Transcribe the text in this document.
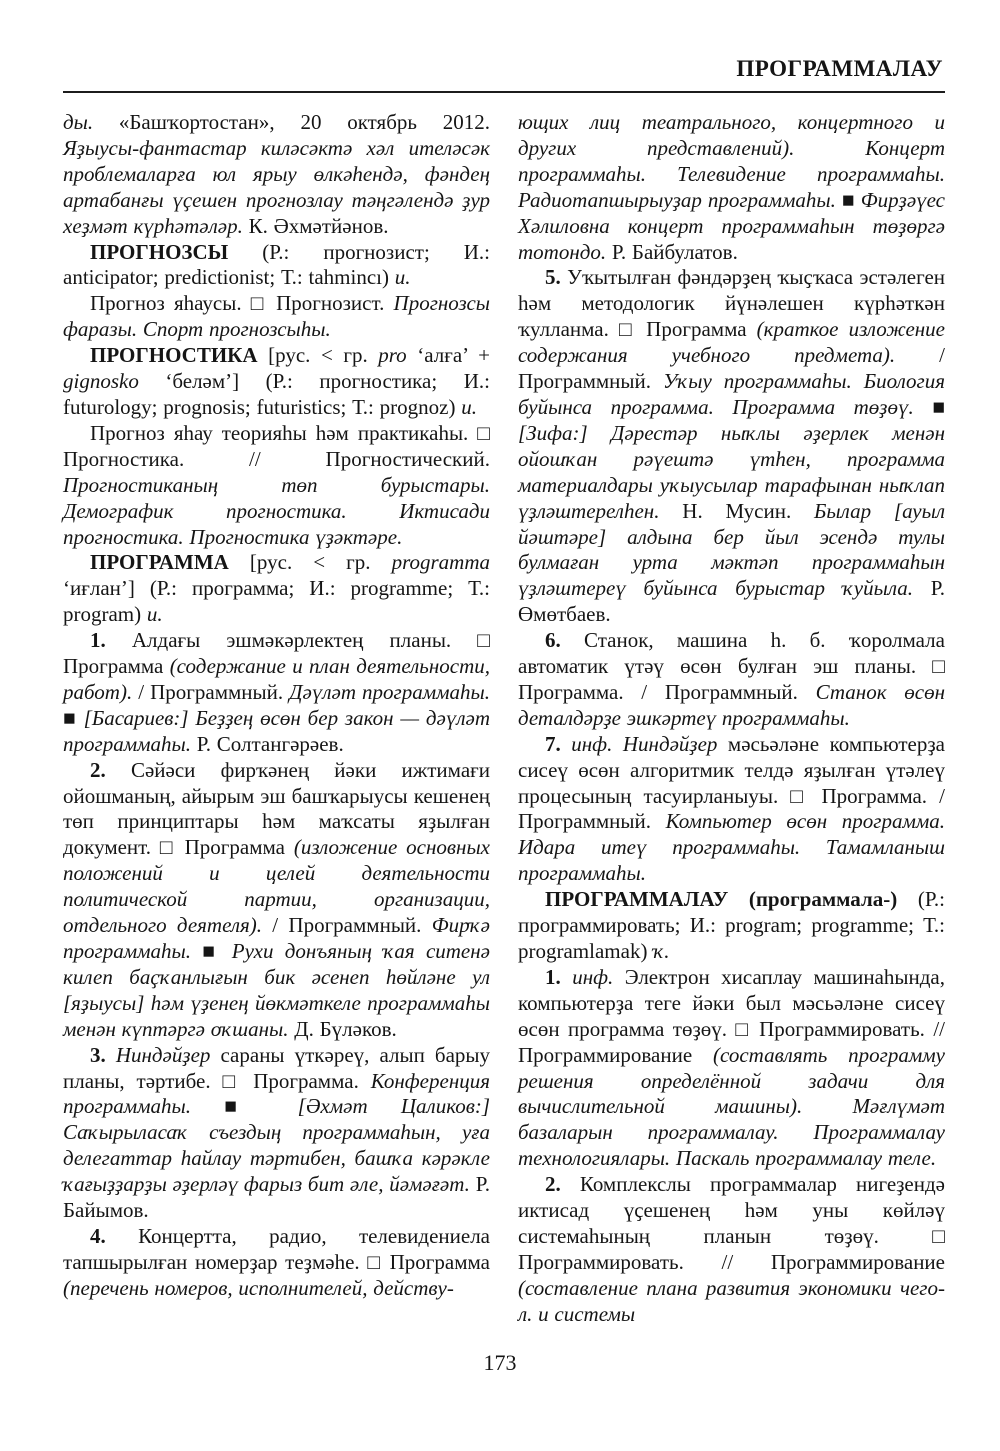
ПРОГРАММАЛАУ

ды. «Башҡортостан», 20 октябрь 2012. Яҙыусы-фантастар киләсәктә хәл ителәсәк проблемаларға юл ярыу өлкәһендә, фәндең артабанғы үҫешен прогнозлау тәңгәлендә ҙур хеҙмәт күрһәтәләр. К. Әхмәтйәнов.

ПРОГНОЗСЫ (Р.: прогнозист; И.: anticipator; predictionist; Т.: tahmincı) и.

Прогноз яһаусы. □ Прогнозист. Прогнозсы фаразы. Спорт прогнозсыһы.

ПРОГНОСТИКА [рус. < гр. pro ‘алға’ + gignosko ‘беләм’] (Р.: прогностика; И.: futurology; prognosis; futuristics; Т.: prognoz) и.

Прогноз яһау теорияһы һәм практикаһы. □ Прогностика. // Прогностический. Прогностиканың төп бурыстары. Демографик прогностика. Иктисади прогностика. Прогностика үҙәктәре.

ПРОГРАММА [рус. < гр. programma ‘иғлан’] (Р.: программа; И.: programme; Т.: program) и.

1. Алдағы эшмәкәрлектең планы. □ Программа (содержание и план деятельности, работ). / Программный. Дәүләт программаһы. ■ [Басариев:] Беҙҙең өсөн бер закон — дәүләт программаһы. Р. Солтангәрәев.

2. Сәйәси фирҡәнең йәки ижтимағи ойошманың, айырым эш башҡарыусы кешенең төп принциптары һәм маҡсаты яҙылған документ. □ Программа (изложение основных положений и целей деятельности политической партии, организации, отдельного деятеля). / Программный. Фирҡә программаһы. ■ Рухи донъяның ҡая ситенә килеп баҫҡанлығын бик әсенеп һөйләне ул [яҙыусы] һәм үҙенең йөкмәткеле программаһы менән күптәргә оҡшаны. Д. Бүләков.

3. Ниндәйҙер сараны үткәреү, алып барыу планы, тәртибе. □ Программа. Конференция программаһы. ■ [Әхмәт Цаликов:] Саҡырыласаҡ съездың программаһын, уға делегаттар һайлау тәртибен, башҡа кәрәкле ҡағыҙҙарҙы әҙерләү фарыз бит әле, йәмәғәт. Р. Байымов.

4. Концертта, радио, телевидениела тапшырылған номерҙар теҙмәһе. □ Программа (перечень номеров, исполнителей, действу-

ющих лиц театрального, концертного и других представлений). Концерт программаһы. Телевидение программаһы. Радиотапшырыуҙар программаһы. ■ Фирҙәүес Хәлиловна концерт программаһын төҙөргә тотондо. Р. Байбулатов.

5. Уҡытылған фәндәрҙең ҡыҫҡаса эстәлеген һәм методологик йүнәлешен күрһәткән ҡулланма. □ Программа (краткое изложение содержания учебного предмета). / Программный. Уҡыу программаһы. Биология буйынса программа. Программа төҙөү. ■ [Зифа:] Дәрестәр ныҡлы әҙерлек менән ойошҡан рәүештә үтһен, программа материалдары уҡыусылар тарафынан ныҡлап үҙләштерелһен. Н. Мусин. Былар [ауыл йәштәре] алдына бер йыл эсендә тулы булмаған урта мәктәп программаһын үҙләштереү буйынса бурыстар ҡуйыла. Р. Өмөтбаев.

6. Станок, машина һ. б. ҡоролмала автоматик үтәү өсөн булған эш планы. □ Программа. / Программный. Станок өсөн деталдәрҙе эшкәртеү программаһы.

7. инф. Ниндәйҙер мәсьәләне компьютерҙа сисеү өсөн алгоритмик телдә яҙылған үтәлеү процесының тасуирланыуы. □ Программа. / Программный. Компьютер өсөн программа. Идара итеү программаһы. Тамамланыш программаһы.

ПРОГРАММАЛАУ (программала-) (Р.: программировать; И.: program; programme; Т.: programlamak) ҡ.

1. инф. Электрон хисаплау машинаһында, компьютерҙа теге йәки был мәсьәләне сисеү өсөн программа төҙөү. □ Программировать. // Программирование (составлять программу решения определённой задачи для вычислительной машины). Мәғлүмәт базаларын программалау. Программалау технологиялары. Паскаль программалау теле.

2. Комплекслы программалар нигеҙендә иктисад үҫешенең һәм уны көйләү системаһының планын төҙөү. □ Программировать. // Программирование (составление плана развития экономики чего-л. и системы

173
